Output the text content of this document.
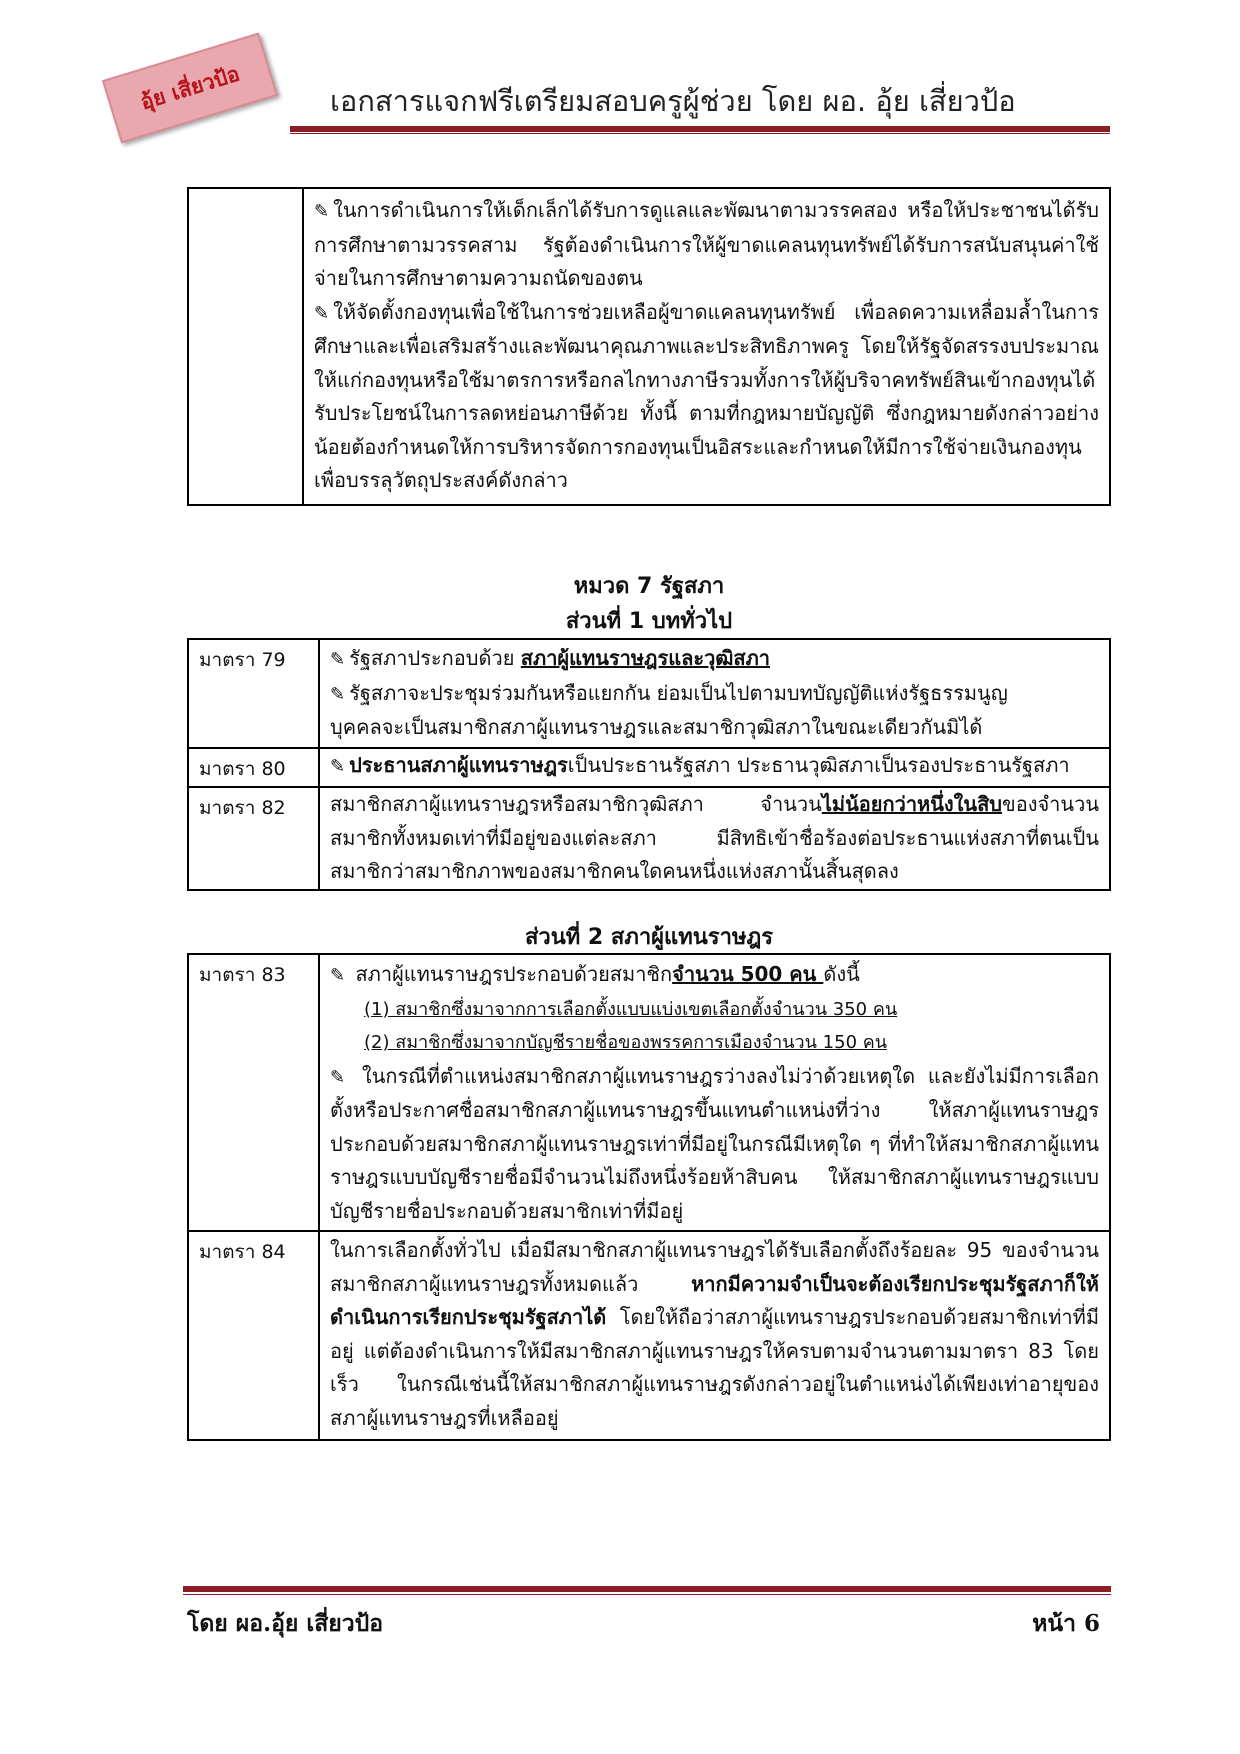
อุ้ย เสี่ยวป้อ	เอกสารแจกฟรีเตรียมสอบครูผู้ช่วย โดย ผอ. อุ้ย เสี่ยวป้อ

✎ ในการดำเนินการให้เด็กเล็กได้รับการดูแลและพัฒนาตามวรรคสอง หรือให้ประชาชนได้รับการศึกษาตามวรรคสาม รัฐต้องดำเนินการให้ผู้ขาดแคลนทุนทรัพย์ได้รับการสนับสนุนค่าใช้จ่ายในการศึกษาตามความถนัดของตน
✎ ให้จัดตั้งกองทุนเพื่อใช้ในการช่วยเหลือผู้ขาดแคลนทุนทรัพย์ เพื่อลดความเหลื่อมล้ำในการศึกษาและเพื่อเสริมสร้างและพัฒนาคุณภาพและประสิทธิภาพครู โดยให้รัฐจัดสรรงบประมาณให้แก่กองทุนหรือใช้มาตรการหรือกลไกทางภาษีรวมทั้งการให้ผู้บริจาคทรัพย์สินเข้ากองทุนได้รับประโยชน์ในการลดหย่อนภาษีด้วย ทั้งนี้ ตามที่กฎหมายบัญญัติ ซึ่งกฎหมายดังกล่าวอย่างน้อยต้องกำหนดให้การบริหารจัดการกองทุนเป็นอิสระและกำหนดให้มีการใช้จ่ายเงินกองทุนเพื่อบรรลุวัตถุประสงค์ดังกล่าว
หมวด 7 รัฐสภา
ส่วนที่ 1 บททั่วไป
มาตรา 79	✎ รัฐสภาประกอบด้วย สภาผู้แทนราษฎรและวุฒิสภา
✎ รัฐสภาจะประชุมร่วมกันหรือแยกกัน ย่อมเป็นไปตามบทบัญญัติแห่งรัฐธรรมนูญ
บุคคลจะเป็นสมาชิกสภาผู้แทนราษฎรและสมาชิกวุฒิสภาในขณะเดียวกันมิได้

มาตรา 80	✎ ประธานสภาผู้แทนราษฎรเป็นประธานรัฐสภา ประธานวุฒิสภาเป็นรองประธานรัฐสภา
มาตรา 82	สมาชิกสภาผู้แทนราษฎรหรือสมาชิกวุฒิสภา จำนวนไม่น้อยกว่าหนึ่งในสิบของจำนวนสมาชิกทั้งหมดเท่าที่มีอยู่ของแต่ละสภา มีสิทธิเข้าชื่อร้องต่อประธานแห่งสภาที่ตนเป็นสมาชิกว่าสมาชิกภาพของสมาชิกคนใดคนหนึ่งแห่งสภานั้นสิ้นสุดลง
ส่วนที่ 2 สภาผู้แทนราษฎร
มาตรา 83	✎ สภาผู้แทนราษฎรประกอบด้วยสมาชิกจำนวน 500 คน ดังนี้
(1) สมาชิกซึ่งมาจากการเลือกตั้งแบบแบ่งเขตเลือกตั้งจำนวน 350 คน
(2) สมาชิกซึ่งมาจากบัญชีรายชื่อของพรรคการเมืองจำนวน 150 คน
✎ ในกรณีที่ตำแหน่งสมาชิกสภาผู้แทนราษฎรว่างลงไม่ว่าด้วยเหตุใด และยังไม่มีการเลือกตั้งหรือประกาศชื่อสมาชิกสภาผู้แทนราษฎรขึ้นแทนตำแหน่งที่ว่าง ให้สภาผู้แทนราษฎรประกอบด้วยสมาชิกสภาผู้แทนราษฎรเท่าที่มีอยู่ในกรณีมีเหตุใด ๆ ที่ทำให้สมาชิกสภาผู้แทนราษฎรแบบบัญชีรายชื่อมีจำนวนไม่ถึงหนึ่งร้อยห้าสิบคน ให้สมาชิกสภาผู้แทนราษฎรแบบบัญชีรายชื่อประกอบด้วยสมาชิกเท่าที่มีอยู่

มาตรา 84	ในการเลือกตั้งทั่วไป เมื่อมีสมาชิกสภาผู้แทนราษฎรได้รับเลือกตั้งถึงร้อยละ 95 ของจำนวนสมาชิกสภาผู้แทนราษฎรทั้งหมดแล้ว หากมีความจำเป็นจะต้องเรียกประชุมรัฐสภาก็ให้ดำเนินการเรียกประชุมรัฐสภาได้ โดยให้ถือว่าสภาผู้แทนราษฎรประกอบด้วยสมาชิกเท่าที่มีอยู่ แต่ต้องดำเนินการให้มีสมาชิกสภาผู้แทนราษฎรให้ครบตามจำนวนตามมาตรา 83 โดยเร็ว ในกรณีเช่นนี้ให้สมาชิกสภาผู้แทนราษฎรดังกล่าวอยู่ในตำแหน่งได้เพียงเท่าอายุของสภาผู้แทนราษฎรที่เหลืออยู่
โดย ผอ.อุ้ย เสี่ยวป้อ	หน้า 6
